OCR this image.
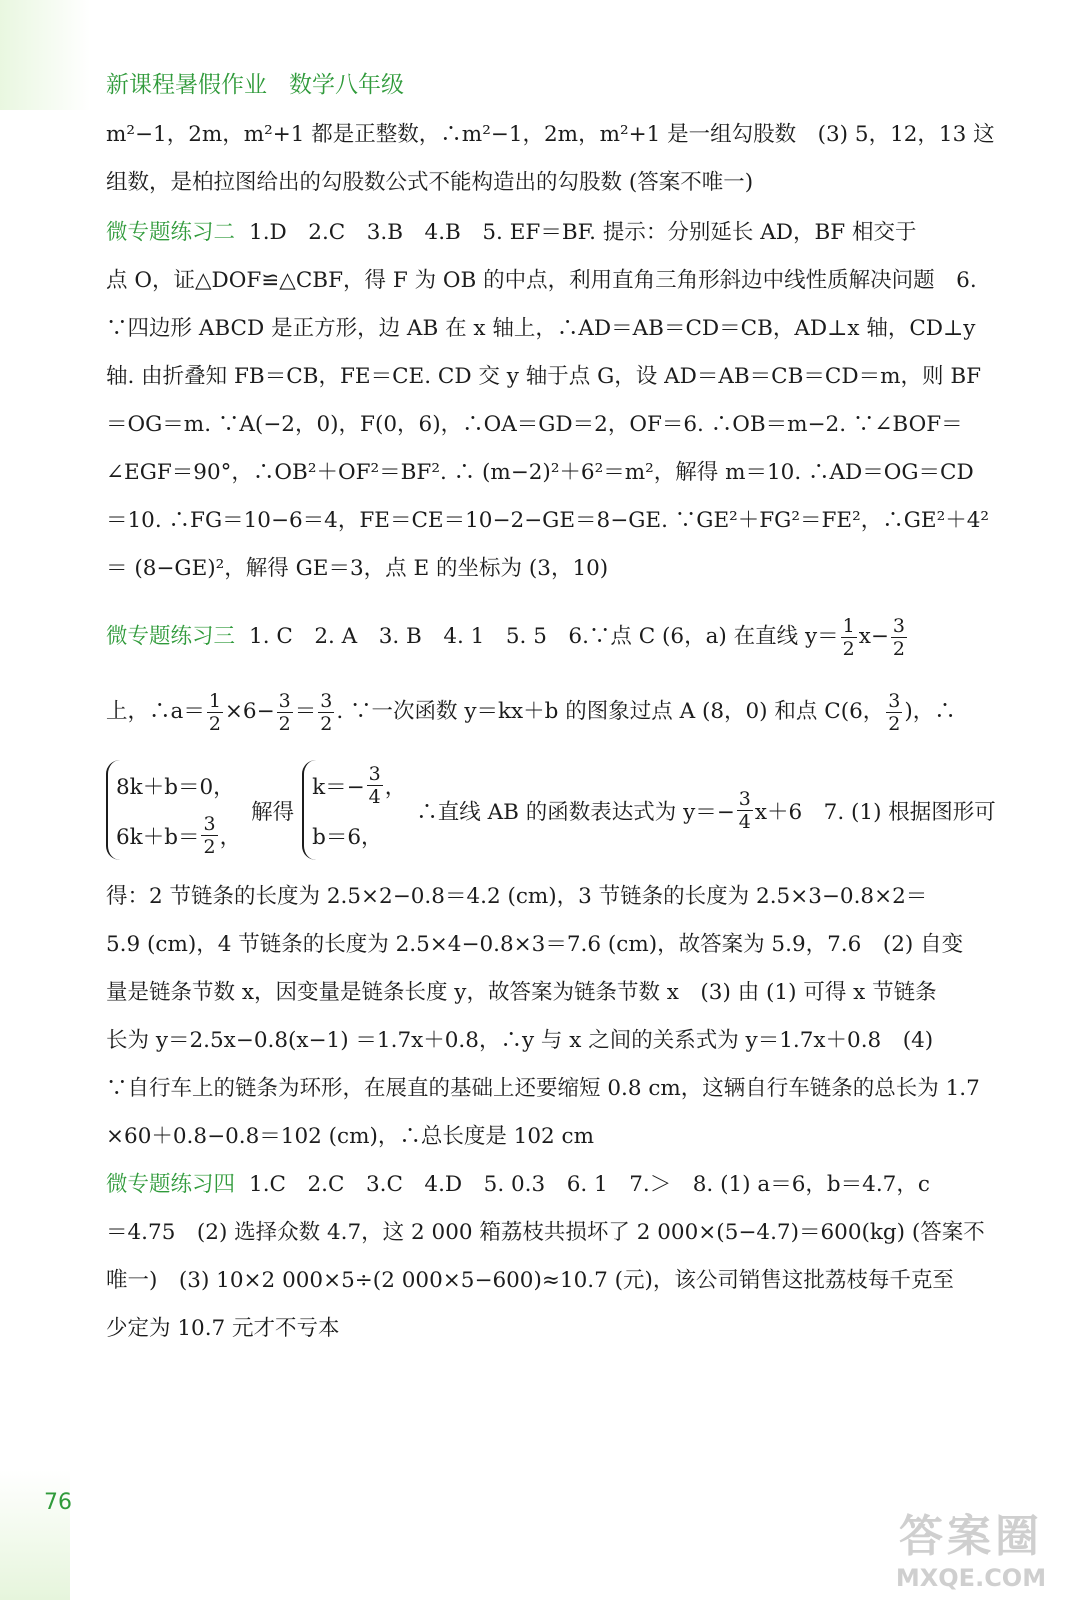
新课程暑假作业 数学八年级
m²−1，2m，m²+1 都是正整数，∴m²−1，2m，m²+1 是一组勾股数　(3) 5，12，13 这
组数，是柏拉图给出的勾股数公式不能构造出的勾股数 (答案不唯一)
微专题练习二 1.D　2.C　3.B　4.B　5. EF＝BF. 提示：分别延长 AD，BF 相交于
点 O，证△DOF≌△CBF，得 F 为 OB 的中点，利用直角三角形斜边中线性质解决问题　6.
∵四边形 ABCD 是正方形，边 AB 在 x 轴上，∴AD＝AB＝CD＝CB，AD⊥x 轴，CD⊥y
轴. 由折叠知 FB＝CB，FE＝CE. CD 交 y 轴于点 G，设 AD＝AB＝CB＝CD＝m，则 BF
＝OG＝m. ∵A(−2，0)，F(0，6)，∴OA＝GD＝2，OF＝6. ∴OB＝m−2. ∵∠BOF＝
∠EGF＝90°，∴OB²＋OF²＝BF². ∴ (m−2)²＋6²＝m²，解得 m＝10. ∴AD＝OG＝CD
＝10. ∴FG＝10−6＝4，FE＝CE＝10−2−GE＝8−GE. ∵GE²＋FG²＝FE²，∴GE²＋4²
＝ (8−GE)²，解得 GE＝3，点 E 的坐标为 (3，10)
微专题练习三 1. C　2. A　3. B　4. 1　5. 5　6.∵点 C (6，a) 在直线 $y= \frac{1}{2} x- \frac{3}{2}$
上，∴a＝ $\frac{1}{2} \times 6- \frac{3}{2} = \frac{3}{2}$ . ∵一次函数 y＝kx＋b 的图象过点 A (8，0) 和点 C(6， $\frac{3}{2}$ )，∴
8k＋b＝0，
$6k+b= \frac{3}{2}$ ，
解得
$k=- \frac{3}{4}$ ，
b＝6，
∴直线 AB 的函数表达式为 $y=- \frac{3}{4} x+6$　7. (1) 根据图形可
得：2 节链条的长度为 2.5×2−0.8＝4.2 (cm)，3 节链条的长度为 2.5×3−0.8×2＝
5.9 (cm)，4 节链条的长度为 2.5×4−0.8×3＝7.6 (cm)，故答案为 5.9，7.6　(2) 自变
量是链条节数 x，因变量是链条长度 y，故答案为链条节数 x　(3) 由 (1) 可得 x 节链条
长为 y＝2.5x−0.8(x−1) ＝1.7x＋0.8，∴y 与 x 之间的关系式为 y＝1.7x＋0.8　(4)
∵自行车上的链条为环形，在展直的基础上还要缩短 0.8 cm，这辆自行车链条的总长为 1.7
×60＋0.8−0.8＝102 (cm)，∴总长度是 102 cm
微专题练习四 1.C　2.C　3.C　4.D　5. 0.3　6. 1　7.＞　8. (1) a＝6，b＝4.7，c
＝4.75　(2) 选择众数 4.7，这 2 000 箱荔枝共损坏了 2 000×(5−4.7)＝600(kg) (答案不
唯一)　(3) 10×2 000×5÷(2 000×5−600)≈10.7 (元)，该公司销售这批荔枝每千克至
少定为 10.7 元才不亏本
76
答案圈
MXQE.COM
